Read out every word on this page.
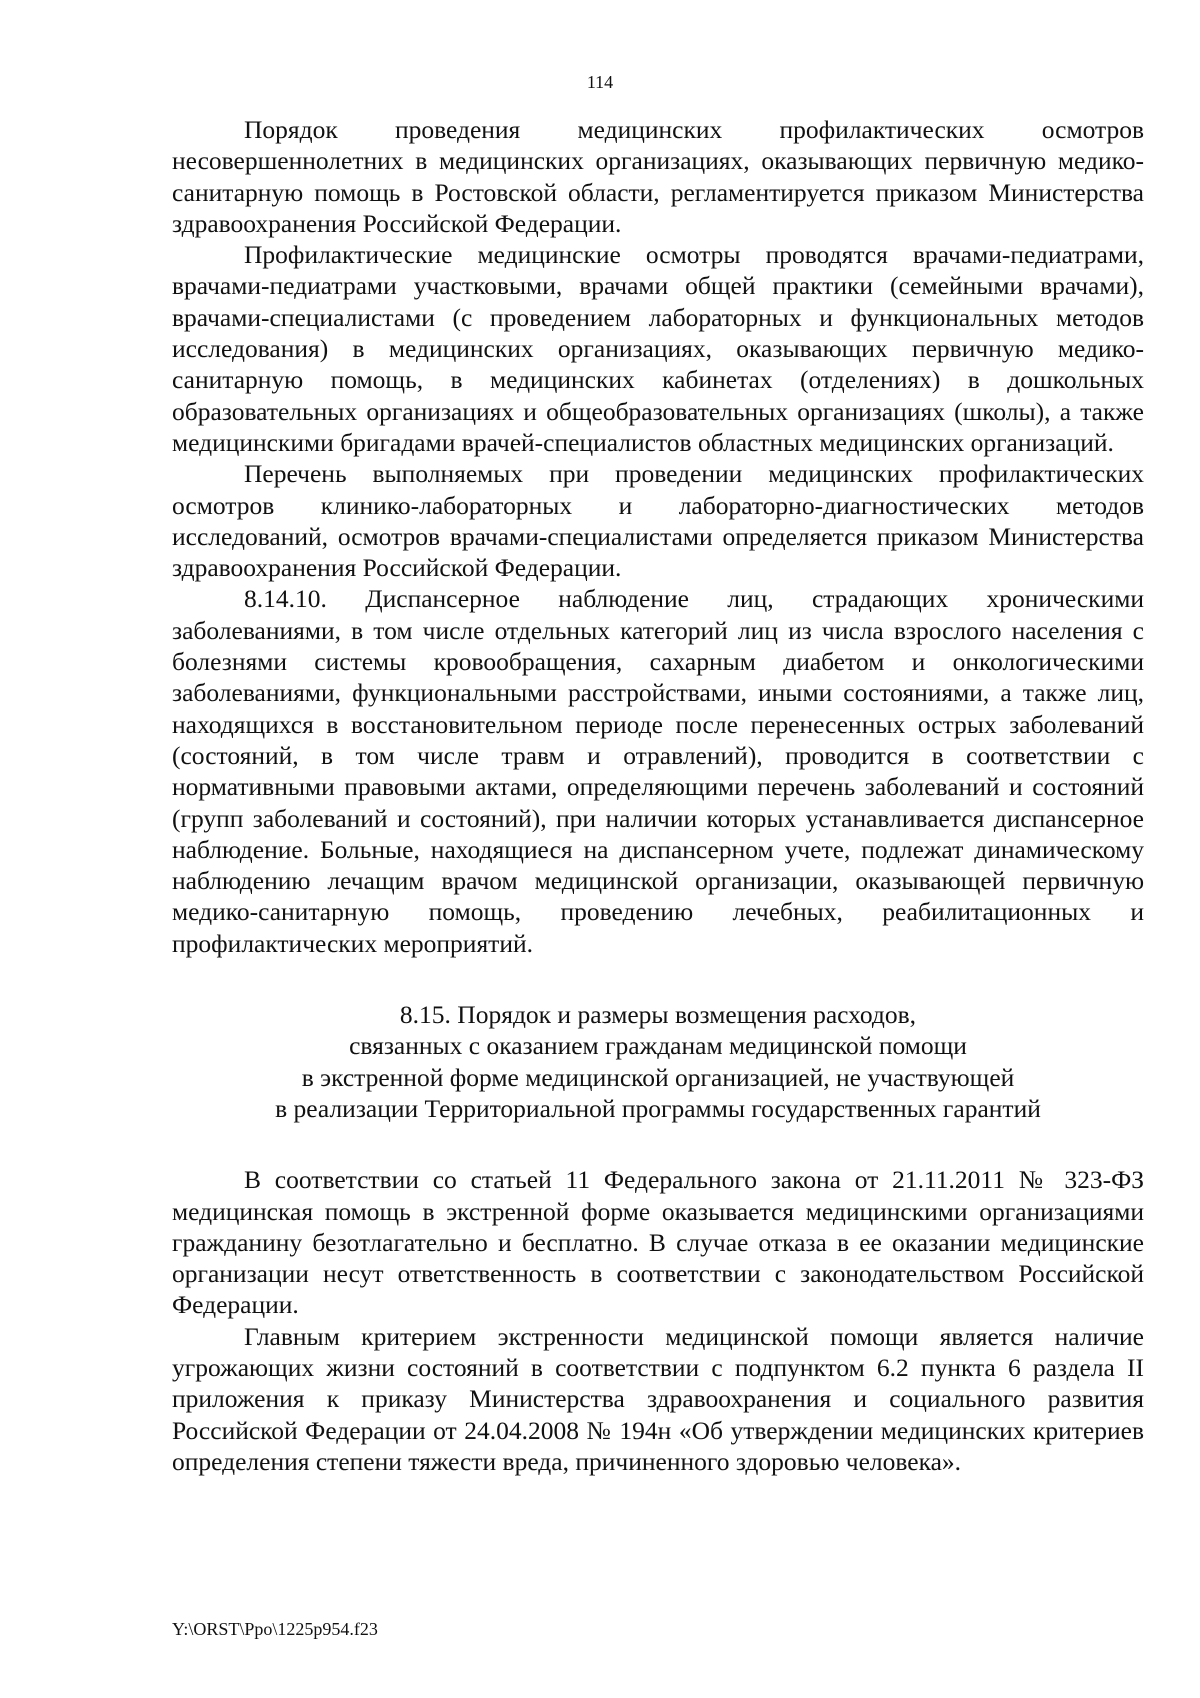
114

Порядок проведения медицинских профилактических осмотров несовершеннолетних в медицинских организациях, оказывающих первичную медико-санитарную помощь в Ростовской области, регламентируется приказом Министерства здравоохранения Российской Федерации.

Профилактические медицинские осмотры проводятся врачами-педиатрами, врачами-педиатрами участковыми, врачами общей практики (семейными врачами), врачами-специалистами (с проведением лабораторных и функциональных методов исследования) в медицинских организациях, оказывающих первичную медико-санитарную помощь, в медицинских кабинетах (отделениях) в дошкольных образовательных организациях и общеобразовательных организациях (школы), а также медицинскими бригадами врачей-специалистов областных медицинских организаций.

Перечень выполняемых при проведении медицинских профилактических осмотров клинико-лабораторных и лабораторно-диагностических методов исследований, осмотров врачами-специалистами определяется приказом Министерства здравоохранения Российской Федерации.

8.14.10. Диспансерное наблюдение лиц, страдающих хроническими заболеваниями, в том числе отдельных категорий лиц из числа взрослого населения с болезнями системы кровообращения, сахарным диабетом и онкологическими заболеваниями, функциональными расстройствами, иными состояниями, а также лиц, находящихся в восстановительном периоде после перенесенных острых заболеваний (состояний, в том числе травм и отравлений), проводится в соответствии с нормативными правовыми актами, определяющими перечень заболеваний и состояний (групп заболеваний и состояний), при наличии которых устанавливается диспансерное наблюдение. Больные, находящиеся на диспансерном учете, подлежат динамическому наблюдению лечащим врачом медицинской организации, оказывающей первичную медико-санитарную помощь, проведению лечебных, реабилитационных и профилактических мероприятий.

8.15. Порядок и размеры возмещения расходов,
связанных с оказанием гражданам медицинской помощи
в экстренной форме медицинской организацией, не участвующей
в реализации Территориальной программы государственных гарантий

В соответствии со статьей 11 Федерального закона от 21.11.2011 № 323-ФЗ медицинская помощь в экстренной форме оказывается медицинскими организациями гражданину безотлагательно и бесплатно. В случае отказа в ее оказании медицинские организации несут ответственность в соответствии с законодательством Российской Федерации.

Главным критерием экстренности медицинской помощи является наличие угрожающих жизни состояний в соответствии с подпунктом 6.2 пункта 6 раздела II приложения к приказу Министерства здравоохранения и социального развития Российской Федерации от 24.04.2008 № 194н «Об утверждении медицинских критериев определения степени тяжести вреда, причиненного здоровью человека».

Y:\ORST\Ppo\1225p954.f23
